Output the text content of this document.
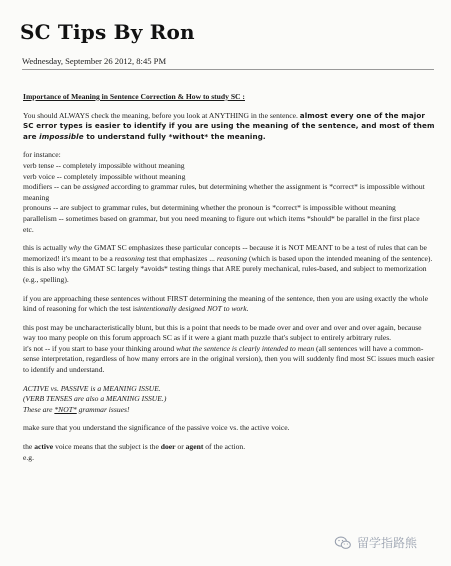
SC Tips By Ron
Wednesday, September 26 2012, 8:45 PM
Importance of Meaning in Sentence Correction & How to study SC :

You should ALWAYS check the meaning, before you look at ANYTHING in the sentence. almost every one of the major SC error types is easier to identify if you are using the meaning of the sentence, and most of them are impossible to understand fully *without* the meaning.

for instance:
verb tense -- completely impossible without meaning
verb voice -- completely impossible without meaning
modifiers -- can be assigned according to grammar rules, but determining whether the assignment is *correct* is impossible without meaning
pronouns -- are subject to grammar rules, but determining whether the pronoun is *correct* is impossible without meaning
parallelism -- sometimes based on grammar, but you need meaning to figure out which items *should* be parallel in the first place
etc.

this is actually why the GMAT SC emphasizes these particular concepts -- because it is NOT MEANT to be a test of rules that can be memorized! it's meant to be a reasoning test that emphasizes ... reasoning (which is based upon the intended meaning of the sentence).
this is also why the GMAT SC largely *avoids* testing things that ARE purely mechanical, rules-based, and subject to memorization (e.g., spelling).

if you are approaching these sentences without FIRST determining the meaning of the sentence, then you are using exactly the whole kind of reasoning for which the test isintentionally designed NOT to work.

this post may be uncharacteristically blunt, but this is a point that needs to be made over and over and over and over again, because way too many people on this forum approach SC as if it were a giant math puzzle that's subject to entirely arbitrary rules.
it's not -- if you start to base your thinking around what the sentence is clearly intended to mean (all sentences will have a common-sense interpretation, regardless of how many errors are in the original version), then you will suddenly find most SC issues much easier to identify and understand.

ACTIVE vs. PASSIVE is a MEANING ISSUE.
(VERB TENSES are also a MEANING ISSUE.)
These are *NOT* grammar issues!

make sure that you understand the significance of the passive voice vs. the active voice.

the active voice means that the subject is the doer or agent of the action.
e.g.

留学指路熊
